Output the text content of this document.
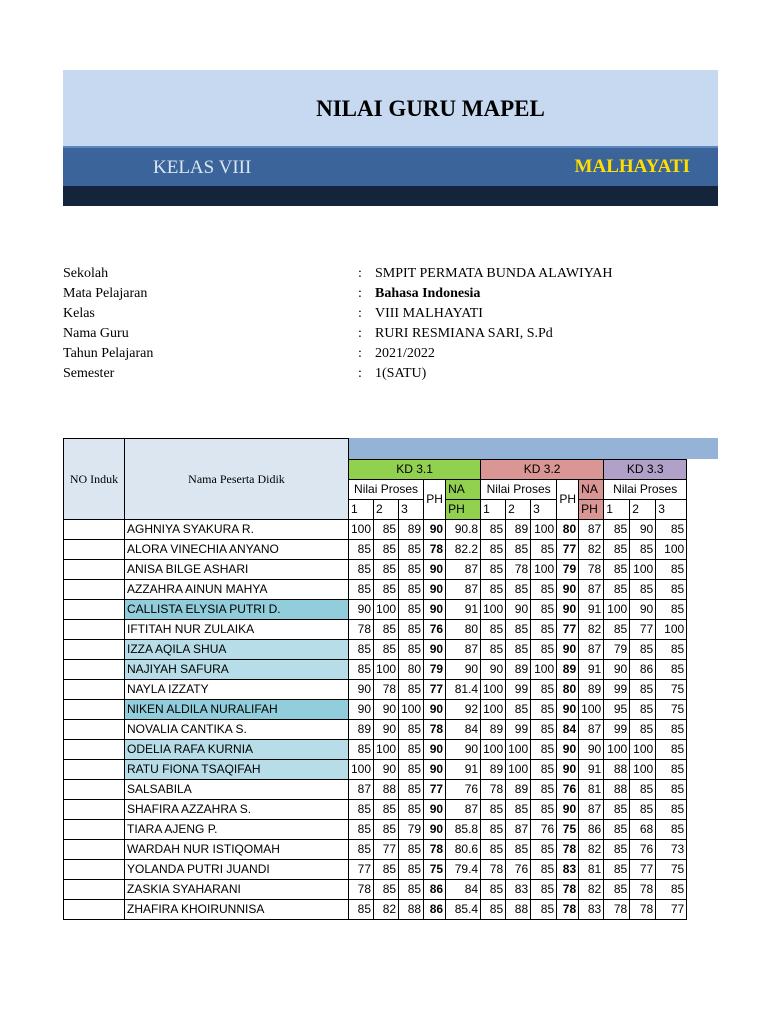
NILAI GURU MAPEL
KELAS VIII	MALHAYATI
Sekolah	: SMPIT PERMATA BUNDA ALAWIYAH
Mata Pelajaran	: Bahasa Indonesia
Kelas	: VIII MALHAYATI
Nama Guru	: RURI RESMIANA SARI, S.Pd
Tahun Pelajaran	: 2021/2022
Semester	: 1(SATU)
NO Induk	Nama Peserta Didik													
		KD 3.1					KD 3.2					KD 3.3		
		Nilai Proses			PH	NA	Nilai Proses			PH	NA	Nilai Proses		
		1	2	3		PH	1	2	3		PH	1	2	3
	AGHNIYA SYAKURA R.	100	85	89	90	90.8	85	89	100	80	87	85	90	85
	ALORA VINECHIA ANYANO	85	85	85	78	82.2	85	85	85	77	82	85	85	100
	ANISA BILGE ASHARI	85	85	85	90	87	85	78	100	79	78	85	100	85
	AZZAHRA AINUN MAHYA	85	85	85	90	87	85	85	85	90	87	85	85	85
	CALLISTA ELYSIA PUTRI D.	90	100	85	90	91	100	90	85	90	91	100	90	85
	IFTITAH NUR ZULAIKA	78	85	85	76	80	85	85	85	77	82	85	77	100
	IZZA AQILA SHUA	85	85	85	90	87	85	85	85	90	87	79	85	85
	NAJIYAH SAFURA	85	100	80	79	90	90	89	100	89	91	90	86	85
	NAYLA IZZATY	90	78	85	77	81.4	100	99	85	80	89	99	85	75
	NIKEN ALDILA NURALIFAH	90	90	100	90	92	100	85	85	90	100	95	85	75
	NOVALIA CANTIKA S.	89	90	85	78	84	89	99	85	84	87	99	85	85
	ODELIA RAFA KURNIA	85	100	85	90	90	100	100	85	90	90	100	100	85
	RATU FIONA TSAQIFAH	100	90	85	90	91	89	100	85	90	91	88	100	85
	SALSABILA	87	88	85	77	76	78	89	85	76	81	88	85	85
	SHAFIRA AZZAHRA S.	85	85	85	90	87	85	85	85	90	87	85	85	85
	TIARA AJENG P.	85	85	79	90	85.8	85	87	76	75	86	85	68	85
	WARDAH NUR ISTIQOMAH	85	77	85	78	80.6	85	85	85	78	82	85	76	73
	YOLANDA PUTRI JUANDI	77	85	85	75	79.4	78	76	85	83	81	85	77	75
	ZASKIA SYAHARANI	78	85	85	86	84	85	83	85	78	82	85	78	85
	ZHAFIRA KHOIRUNNISA	85	82	88	86	85.4	85	88	85	78	83	78	78	77
